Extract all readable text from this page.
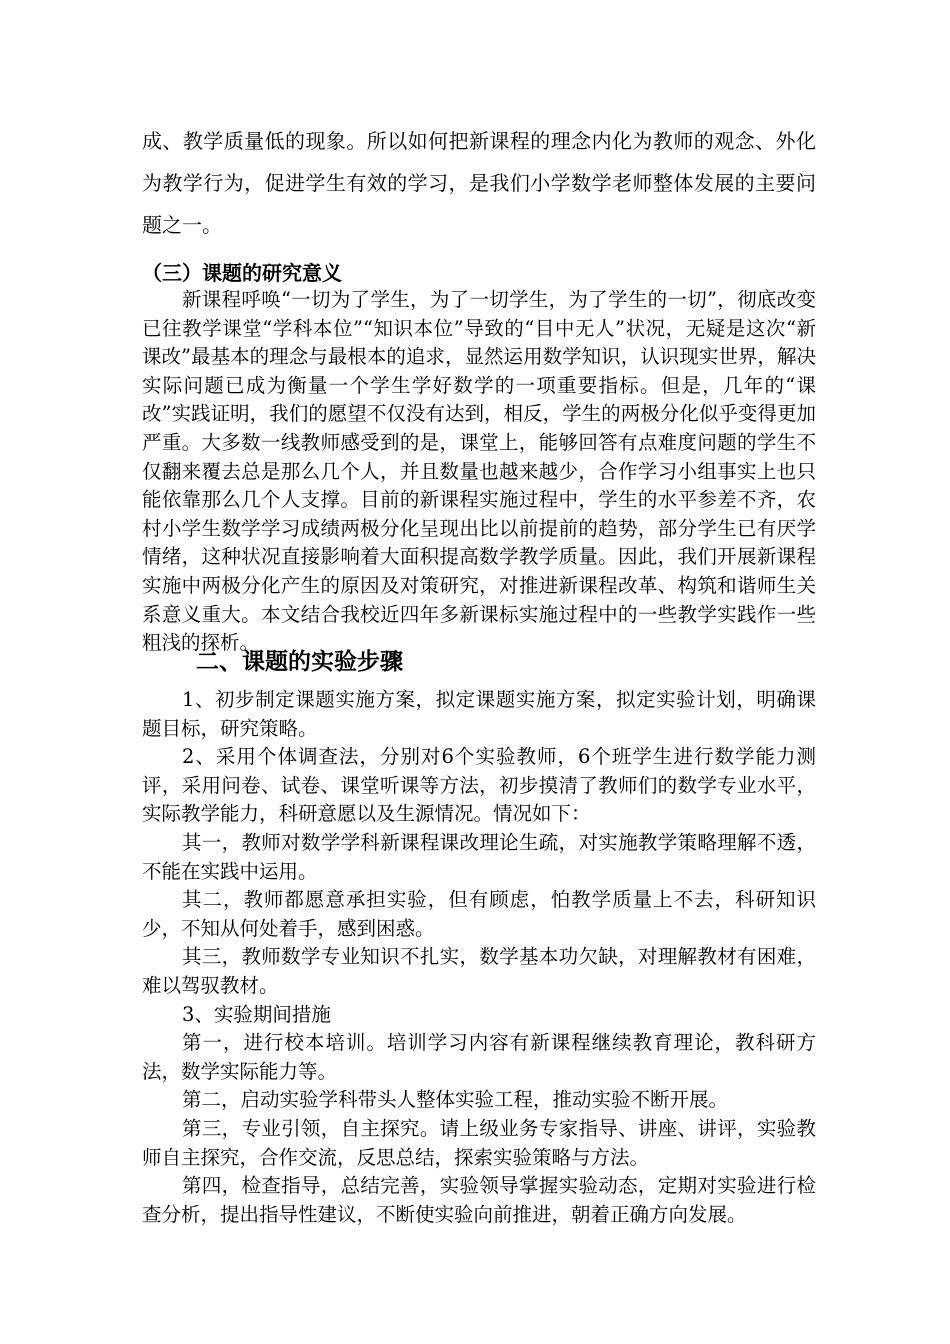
成、教学质量低的现象。所以如何把新课程的理念内化为教师的观念、外化为教学行为，促进学生有效的学习，是我们小学数学老师整体发展的主要问题之一。

（三）课题的研究意义

新课程呼唤“一切为了学生，为了一切学生，为了学生的一切”，彻底改变已往教学课堂“学科本位”“知识本位”导致的“目中无人”状况，无疑是这次“新课改”最基本的理念与最根本的追求，显然运用数学知识，认识现实世界，解决实际问题已成为衡量一个学生学好数学的一项重要指标。但是，几年的“课改”实践证明，我们的愿望不仅没有达到，相反，学生的两极分化似乎变得更加严重。大多数一线教师感受到的是，课堂上，能够回答有点难度问题的学生不仅翻来覆去总是那么几个人，并且数量也越来越少，合作学习小组事实上也只能依靠那么几个人支撑。目前的新课程实施过程中，学生的水平参差不齐，农村小学生数学学习成绩两极分化呈现出比以前提前的趋势，部分学生已有厌学情绪，这种状况直接影响着大面积提高数学教学质量。因此，我们开展新课程实施中两极分化产生的原因及对策研究，对推进新课程改革、构筑和谐师生关系意义重大。本文结合我校近四年多新课标实施过程中的一些教学实践作一些粗浅的探析。

二、课题的实验步骤

1、初步制定课题实施方案，拟定课题实施方案，拟定实验计划，明确课题目标，研究策略。

2、采用个体调查法，分别对6个实验教师，6个班学生进行数学能力测评，采用问卷、试卷、课堂听课等方法，初步摸清了教师们的数学专业水平，实际教学能力，科研意愿以及生源情况。情况如下：

其一，教师对数学学科新课程课改理论生疏，对实施教学策略理解不透，不能在实践中运用。

其二，教师都愿意承担实验，但有顾虑，怕教学质量上不去，科研知识少，不知从何处着手，感到困惑。

其三，教师数学专业知识不扎实，数学基本功欠缺，对理解教材有困难，难以驾驭教材。

3、实验期间措施

第一，进行校本培训。培训学习内容有新课程继续教育理论，教科研方法，数学实际能力等。

第二，启动实验学科带头人整体实验工程，推动实验不断开展。

第三，专业引领，自主探究。请上级业务专家指导、讲座、讲评，实验教师自主探究，合作交流，反思总结，探索实验策略与方法。

第四，检查指导，总结完善，实验领导掌握实验动态，定期对实验进行检查分析，提出指导性建议，不断使实验向前推进，朝着正确方向发展。
